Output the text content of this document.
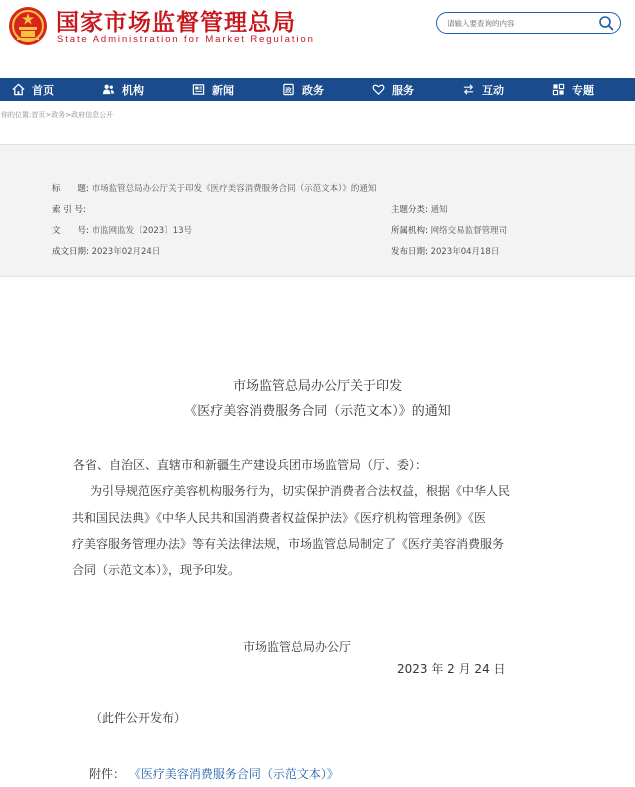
国家市场监督管理总局
State Administration for Market Regulation
请输入要查询的内容
首页	机构	新闻	政 政务	服务	互动	专题
你的位置:首页>政务>政府信息公开
标　　题: 市场监管总局办公厅关于印发《医疗美容消费服务合同（示范文本）》的通知
索 引 号:	主题分类: 通知
文　　号: 市监网监发〔2023〕13号	所属机构: 网络交易监督管理司
成文日期: 2023年02月24日	发布日期: 2023年04月18日
市场监管总局办公厅关于印发
《医疗美容消费服务合同（示范文本）》的通知
各省、自治区、直辖市和新疆生产建设兵团市场监管局（厅、委）：
为引导规范医疗美容机构服务行为，切实保护消费者合法权益，根据《中华人民
共和国民法典》《中华人民共和国消费者权益保护法》《医疗机构管理条例》《医
疗美容服务管理办法》等有关法律法规，市场监管总局制定了《医疗美容消费服务
合同（示范文本）》，现予印发。
市场监管总局办公厅
2023 年 2 月 24 日
（此件公开发布）
附件： 《医疗美容消费服务合同（示范文本）》
